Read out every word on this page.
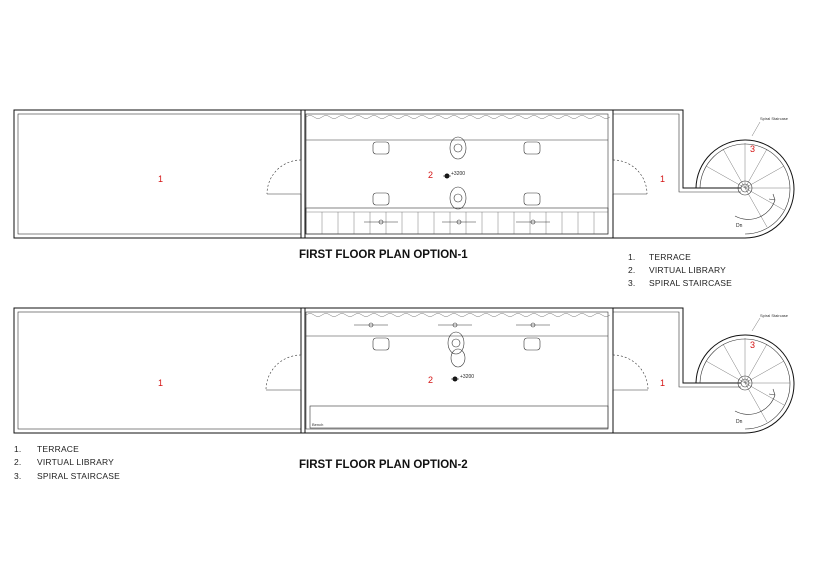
1	2	1
3
+3200
Spiral Staircase
Dn
FIRST FLOOR PLAN OPTION-1	1. TERRACE
2. VIRTUAL LIBRARY
3. SPIRAL STAIRCASE
Bench
1	2	1
3
+3200
Spiral Staircase
Dn
FIRST FLOOR PLAN OPTION-2
1. TERRACE
2. VIRTUAL LIBRARY
3. SPIRAL STAIRCASE
